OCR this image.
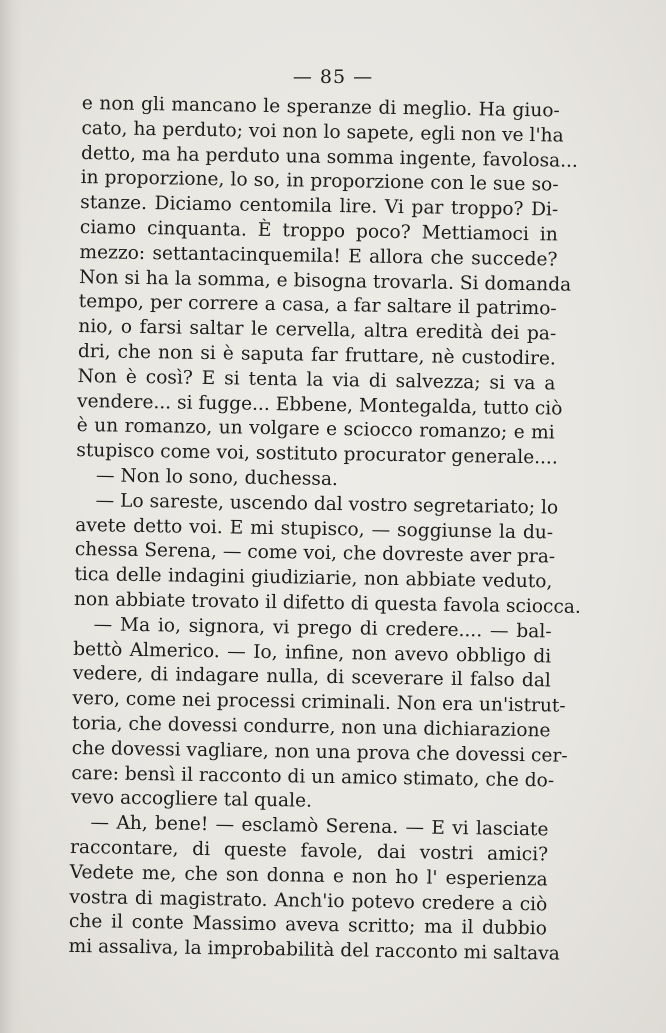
— 85 —
e non gli mancano le speranze di meglio. Ha giuo-
cato, ha perduto; voi non lo sapete, egli non ve l'ha
detto, ma ha perduto una somma ingente, favolosa...
in proporzione, lo so, in proporzione con le sue so-
stanze. Diciamo centomila lire. Vi par troppo? Di-
ciamo cinquanta. È troppo poco? Mettiamoci in
mezzo: settantacinquemila! E allora che succede?
Non si ha la somma, e bisogna trovarla. Si domanda
tempo, per correre a casa, a far saltare il patrimo-
nio, o farsi saltar le cervella, altra eredità dei pa-
dri, che non si è saputa far fruttare, nè custodire.
Non è così? E si tenta la via di salvezza; si va a
vendere... si fugge... Ebbene, Montegalda, tutto ciò
è un romanzo, un volgare e sciocco romanzo; e mi
stupisco come voi, sostituto procurator generale....
— Non lo sono, duchessa.
— Lo sareste, uscendo dal vostro segretariato; lo
avete detto voi. E mi stupisco, — soggiunse la du-
chessa Serena, — come voi, che dovreste aver pra-
tica delle indagini giudiziarie, non abbiate veduto,
non abbiate trovato il difetto di questa favola sciocca.
— Ma io, signora, vi prego di credere.... — bal-
bettò Almerico. — Io, infine, non avevo obbligo di
vedere, di indagare nulla, di sceverare il falso dal
vero, come nei processi criminali. Non era un'istrut-
toria, che dovessi condurre, non una dichiarazione
che dovessi vagliare, non una prova che dovessi cer-
care: bensì il racconto di un amico stimato, che do-
vevo accogliere tal quale.
— Ah, bene! — esclamò Serena. — E vi lasciate
raccontare, di queste favole, dai vostri amici?
Vedete me, che son donna e non ho l' esperienza
vostra di magistrato. Anch'io potevo credere a ciò
che il conte Massimo aveva scritto; ma il dubbio
mi assaliva, la improbabilità del racconto mi saltava
